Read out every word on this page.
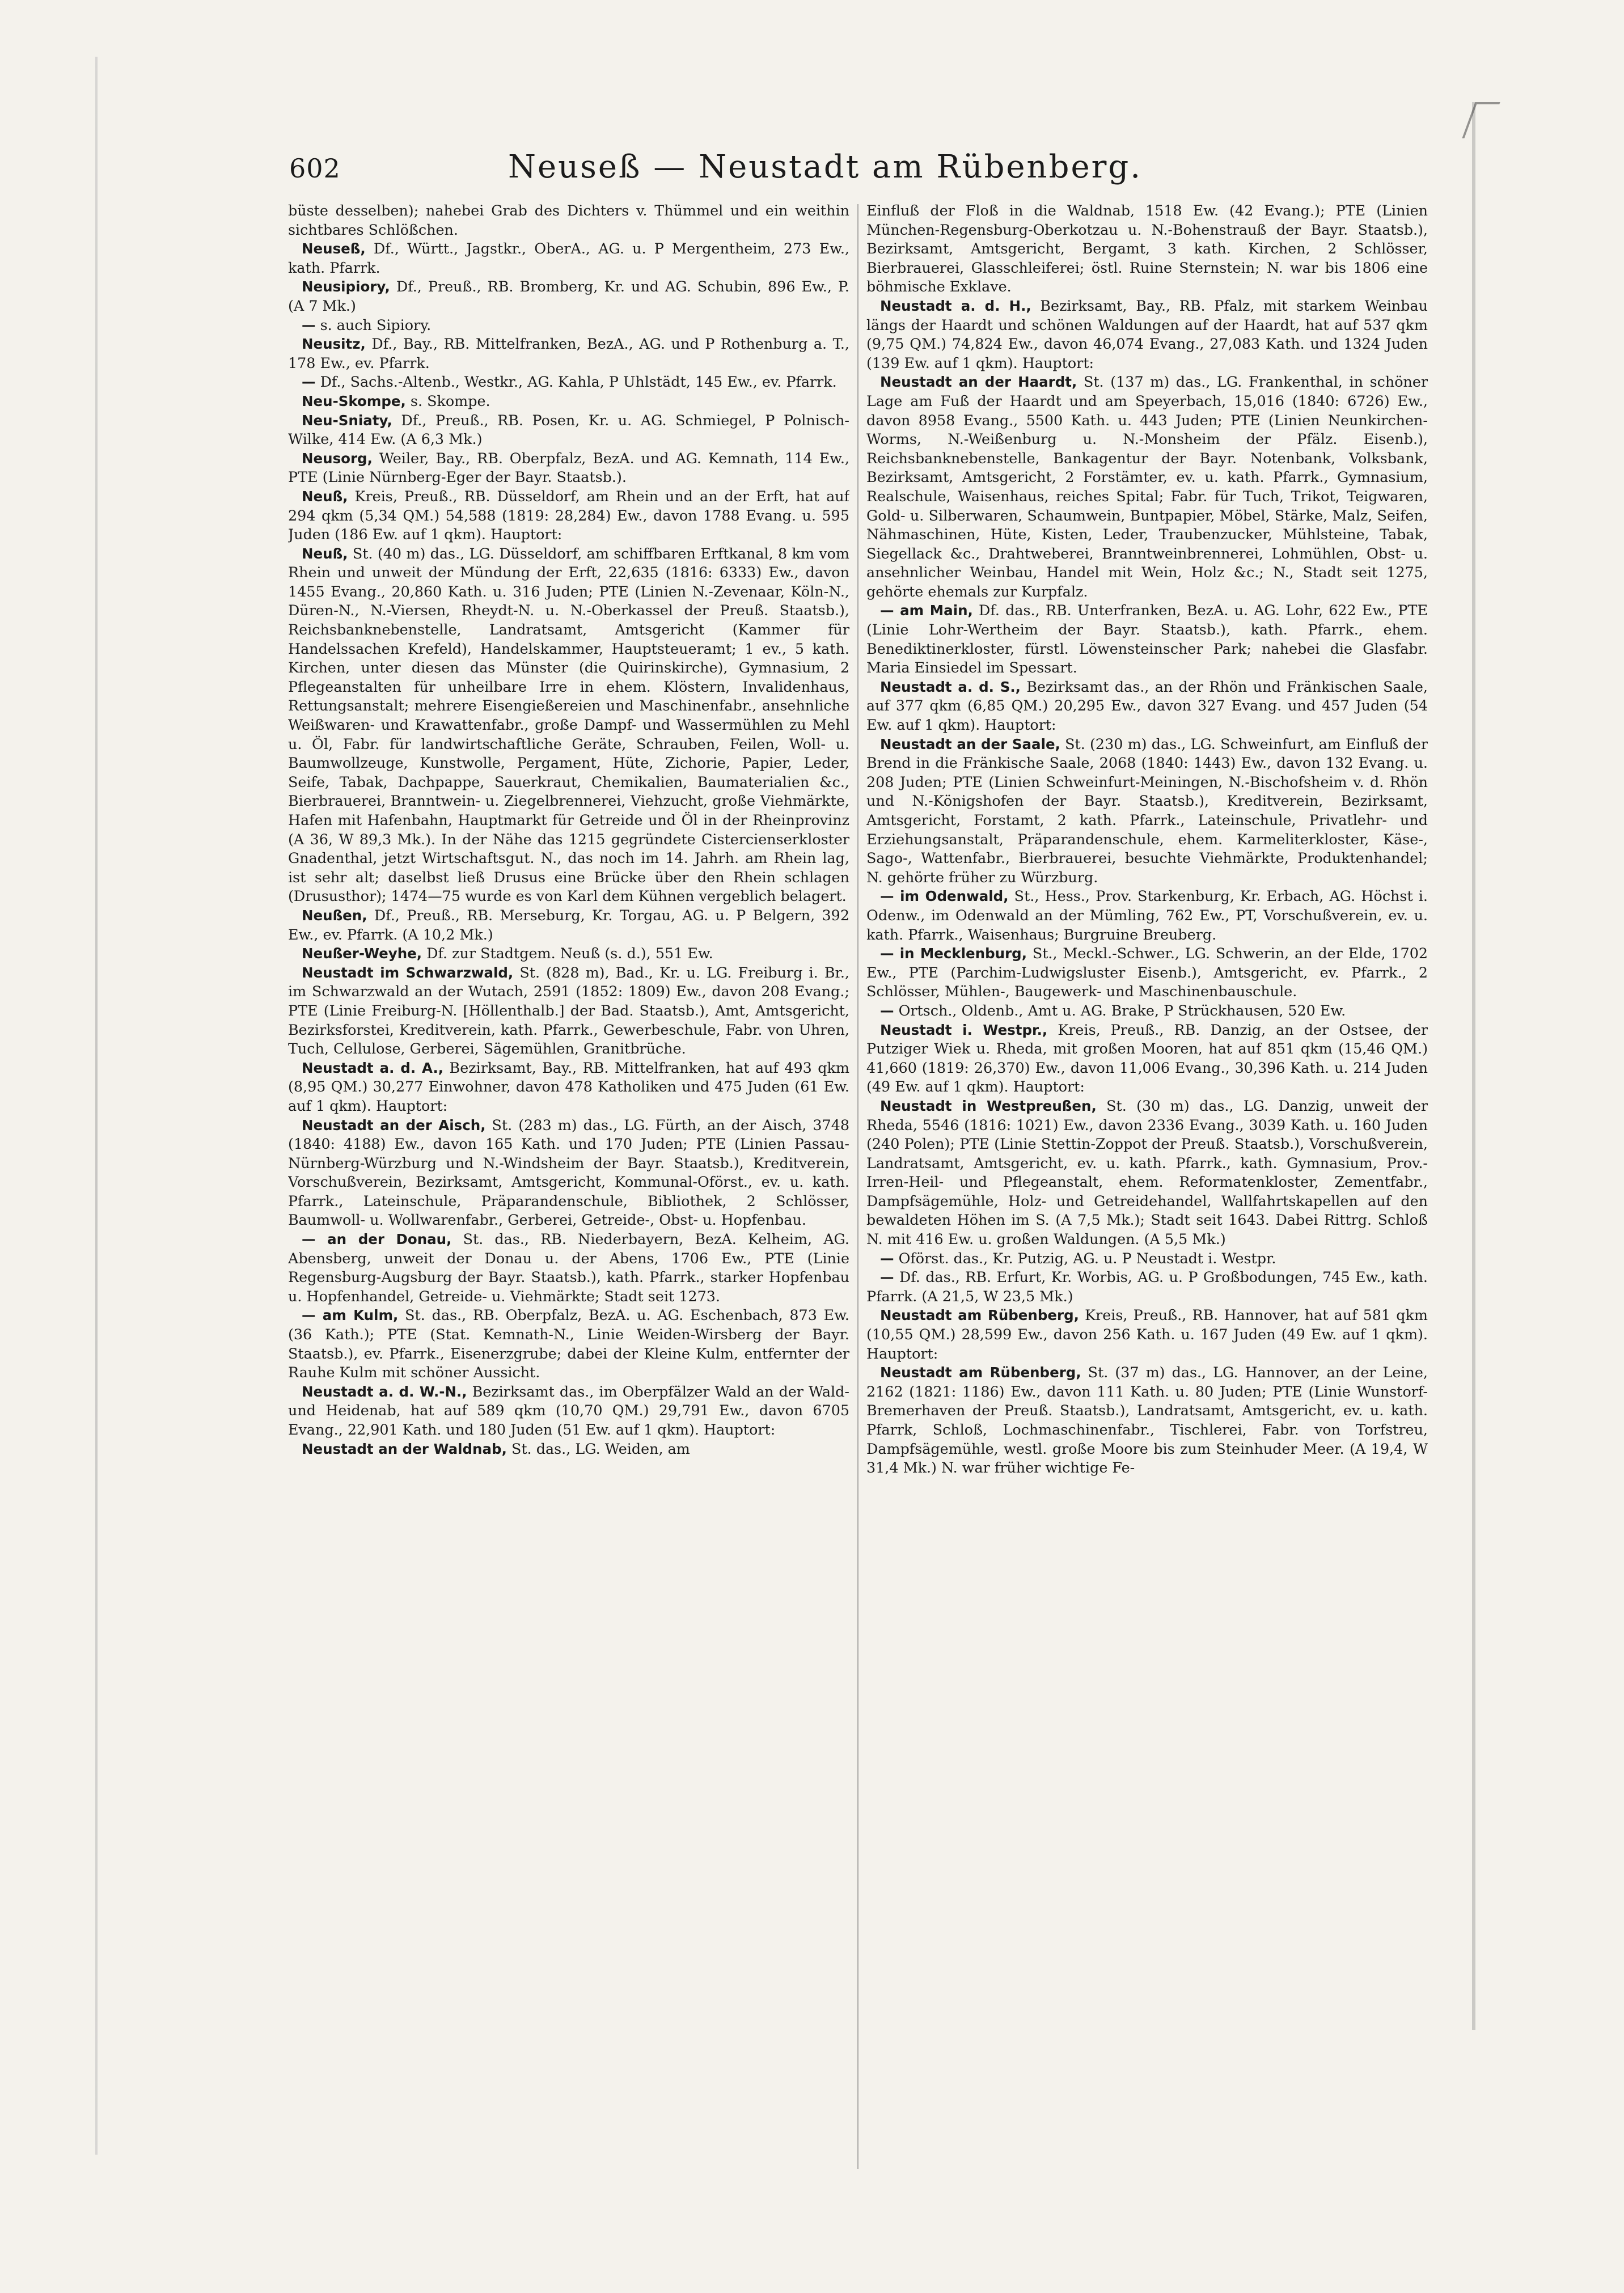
602	Neuseß — Neustadt am Rübenberg.

büste desselben); nahebei Grab des Dichters v. Thümmel und ein weithin sichtbares Schlößchen.

Neuseß, Df., Württ., Jagstkr., OberA., AG. u. P Mergentheim, 273 Ew., kath. Pfarrk.

Neusipiory, Df., Preuß., RB. Bromberg, Kr. und AG. Schubin, 896 Ew., P. (A 7 Mk.)

— s. auch Sipiory.

Neusitz, Df., Bay., RB. Mittelfranken, BezA., AG. und P Rothenburg a. T., 178 Ew., ev. Pfarrk.

— Df., Sachs.-Altenb., Westkr., AG. Kahla, P Uhlstädt, 145 Ew., ev. Pfarrk.

Neu-Skompe, s. Skompe.

Neu-Sniaty, Df., Preuß., RB. Posen, Kr. u. AG. Schmiegel, P Polnisch-Wilke, 414 Ew. (A 6,3 Mk.)

Neusorg, Weiler, Bay., RB. Oberpfalz, BezA. und AG. Kemnath, 114 Ew., PTE (Linie Nürnberg-Eger der Bayr. Staatsb.).

Neuß, Kreis, Preuß., RB. Düsseldorf, am Rhein und an der Erft, hat auf 294 qkm (5,34 QM.) 54,588 (1819: 28,284) Ew., davon 1788 Evang. u. 595 Juden (186 Ew. auf 1 qkm). Hauptort:

Neuß, St. (40 m) das., LG. Düsseldorf, am schiffbaren Erftkanal, 8 km vom Rhein und unweit der Mündung der Erft, 22,635 (1816: 6333) Ew., davon 1455 Evang., 20,860 Kath. u. 316 Juden; PTE (Linien N.-Zevenaar, Köln-N., Düren-N., N.-Viersen, Rheydt-N. u. N.-Oberkassel der Preuß. Staatsb.), Reichsbanknebenstelle, Landratsamt, Amtsgericht (Kammer für Handelssachen Krefeld), Handelskammer, Hauptsteueramt; 1 ev., 5 kath. Kirchen, unter diesen das Münster (die Quirinskirche), Gymnasium, 2 Pflegeanstalten für unheilbare Irre in ehem. Klöstern, Invalidenhaus, Rettungsanstalt; mehrere Eisengießereien und Maschinenfabr., ansehnliche Weißwaren- und Krawattenfabr., große Dampf- und Wassermühlen zu Mehl u. Öl, Fabr. für landwirtschaftliche Geräte, Schrauben, Feilen, Woll- u. Baumwollzeuge, Kunstwolle, Pergament, Hüte, Zichorie, Papier, Leder, Seife, Tabak, Dachpappe, Sauerkraut, Chemikalien, Baumaterialien &c., Bierbrauerei, Branntwein- u. Ziegelbrennerei, Viehzucht, große Viehmärkte, Hafen mit Hafenbahn, Hauptmarkt für Getreide und Öl in der Rheinprovinz (A 36, W 89,3 Mk.). In der Nähe das 1215 gegründete Cistercienserkloster Gnadenthal, jetzt Wirtschaftsgut. N., das noch im 14. Jahrh. am Rhein lag, ist sehr alt; daselbst ließ Drusus eine Brücke über den Rhein schlagen (Drususthor); 1474—75 wurde es von Karl dem Kühnen vergeblich belagert.

Neußen, Df., Preuß., RB. Merseburg, Kr. Torgau, AG. u. P Belgern, 392 Ew., ev. Pfarrk. (A 10,2 Mk.)

Neußer-Weyhe, Df. zur Stadtgem. Neuß (s. d.), 551 Ew.

Neustadt im Schwarzwald, St. (828 m), Bad., Kr. u. LG. Freiburg i. Br., im Schwarzwald an der Wutach, 2591 (1852: 1809) Ew., davon 208 Evang.; PTE (Linie Freiburg-N. [Höllenthalb.] der Bad. Staatsb.), Amt, Amtsgericht, Bezirksforstei, Kreditverein, kath. Pfarrk., Gewerbeschule, Fabr. von Uhren, Tuch, Cellulose, Gerberei, Sägemühlen, Granitbrüche.

Neustadt a. d. A., Bezirksamt, Bay., RB. Mittelfranken, hat auf 493 qkm (8,95 QM.) 30,277 Einwohner, davon 478 Katholiken und 475 Juden (61 Ew. auf 1 qkm). Hauptort:

Neustadt an der Aisch, St. (283 m) das., LG. Fürth, an der Aisch, 3748 (1840: 4188) Ew., davon 165 Kath. und 170 Juden; PTE (Linien Passau-Nürnberg-Würzburg und N.-Windsheim der Bayr. Staatsb.), Kreditverein, Vorschußverein, Bezirksamt, Amtsgericht, Kommunal-Oförst., ev. u. kath. Pfarrk., Lateinschule, Präparandenschule, Bibliothek, 2 Schlösser, Baumwoll- u. Wollwarenfabr., Gerberei, Getreide-, Obst- u. Hopfenbau.

— an der Donau, St. das., RB. Niederbayern, BezA. Kelheim, AG. Abensberg, unweit der Donau u. der Abens, 1706 Ew., PTE (Linie Regensburg-Augsburg der Bayr. Staatsb.), kath. Pfarrk., starker Hopfenbau u. Hopfenhandel, Getreide- u. Viehmärkte; Stadt seit 1273.

— am Kulm, St. das., RB. Oberpfalz, BezA. u. AG. Eschenbach, 873 Ew. (36 Kath.); PTE (Stat. Kemnath-N., Linie Weiden-Wirsberg der Bayr. Staatsb.), ev. Pfarrk., Eisenerzgrube; dabei der Kleine Kulm, entfernter der Rauhe Kulm mit schöner Aussicht.

Neustadt a. d. W.-N., Bezirksamt das., im Oberpfälzer Wald an der Wald- und Heidenab, hat auf 589 qkm (10,70 QM.) 29,791 Ew., davon 6705 Evang., 22,901 Kath. und 180 Juden (51 Ew. auf 1 qkm). Hauptort:

Neustadt an der Waldnab, St. das., LG. Weiden, am

Einfluß der Floß in die Waldnab, 1518 Ew. (42 Evang.); PTE (Linien München-Regensburg-Oberkotzau u. N.-Bohenstrauß der Bayr. Staatsb.), Bezirksamt, Amtsgericht, Bergamt, 3 kath. Kirchen, 2 Schlösser, Bierbrauerei, Glasschleiferei; östl. Ruine Sternstein; N. war bis 1806 eine böhmische Exklave.

Neustadt a. d. H., Bezirksamt, Bay., RB. Pfalz, mit starkem Weinbau längs der Haardt und schönen Waldungen auf der Haardt, hat auf 537 qkm (9,75 QM.) 74,824 Ew., davon 46,074 Evang., 27,083 Kath. und 1324 Juden (139 Ew. auf 1 qkm). Hauptort:

Neustadt an der Haardt, St. (137 m) das., LG. Frankenthal, in schöner Lage am Fuß der Haardt und am Speyerbach, 15,016 (1840: 6726) Ew., davon 8958 Evang., 5500 Kath. u. 443 Juden; PTE (Linien Neunkirchen-Worms, N.-Weißenburg u. N.-Monsheim der Pfälz. Eisenb.), Reichsbanknebenstelle, Bankagentur der Bayr. Notenbank, Volksbank, Bezirksamt, Amtsgericht, 2 Forstämter, ev. u. kath. Pfarrk., Gymnasium, Realschule, Waisenhaus, reiches Spital; Fabr. für Tuch, Trikot, Teigwaren, Gold- u. Silberwaren, Schaumwein, Buntpapier, Möbel, Stärke, Malz, Seifen, Nähmaschinen, Hüte, Kisten, Leder, Traubenzucker, Mühlsteine, Tabak, Siegellack &c., Drahtweberei, Branntweinbrennerei, Lohmühlen, Obst- u. ansehnlicher Weinbau, Handel mit Wein, Holz &c.; N., Stadt seit 1275, gehörte ehemals zur Kurpfalz.

— am Main, Df. das., RB. Unterfranken, BezA. u. AG. Lohr, 622 Ew., PTE (Linie Lohr-Wertheim der Bayr. Staatsb.), kath. Pfarrk., ehem. Benediktinerkloster, fürstl. Löwensteinscher Park; nahebei die Glasfabr. Maria Einsiedel im Spessart.

Neustadt a. d. S., Bezirksamt das., an der Rhön und Fränkischen Saale, auf 377 qkm (6,85 QM.) 20,295 Ew., davon 327 Evang. und 457 Juden (54 Ew. auf 1 qkm). Hauptort:

Neustadt an der Saale, St. (230 m) das., LG. Schweinfurt, am Einfluß der Brend in die Fränkische Saale, 2068 (1840: 1443) Ew., davon 132 Evang. u. 208 Juden; PTE (Linien Schweinfurt-Meiningen, N.-Bischofsheim v. d. Rhön und N.-Königshofen der Bayr. Staatsb.), Kreditverein, Bezirksamt, Amtsgericht, Forstamt, 2 kath. Pfarrk., Lateinschule, Privatlehr- und Erziehungsanstalt, Präparandenschule, ehem. Karmeliterkloster, Käse-, Sago-, Wattenfabr., Bierbrauerei, besuchte Viehmärkte, Produktenhandel; N. gehörte früher zu Würzburg.

— im Odenwald, St., Hess., Prov. Starkenburg, Kr. Erbach, AG. Höchst i. Odenw., im Odenwald an der Mümling, 762 Ew., PT, Vorschußverein, ev. u. kath. Pfarrk., Waisenhaus; Burgruine Breuberg.

— in Mecklenburg, St., Meckl.-Schwer., LG. Schwerin, an der Elde, 1702 Ew., PTE (Parchim-Ludwigsluster Eisenb.), Amtsgericht, ev. Pfarrk., 2 Schlösser, Mühlen-, Baugewerk- und Maschinenbauschule.

— Ortsch., Oldenb., Amt u. AG. Brake, P Strückhausen, 520 Ew.

Neustadt i. Westpr., Kreis, Preuß., RB. Danzig, an der Ostsee, der Putziger Wiek u. Rheda, mit großen Mooren, hat auf 851 qkm (15,46 QM.) 41,660 (1819: 26,370) Ew., davon 11,006 Evang., 30,396 Kath. u. 214 Juden (49 Ew. auf 1 qkm). Hauptort:

Neustadt in Westpreußen, St. (30 m) das., LG. Danzig, unweit der Rheda, 5546 (1816: 1021) Ew., davon 2336 Evang., 3039 Kath. u. 160 Juden (240 Polen); PTE (Linie Stettin-Zoppot der Preuß. Staatsb.), Vorschußverein, Landratsamt, Amtsgericht, ev. u. kath. Pfarrk., kath. Gymnasium, Prov.-Irren-Heil- und Pflegeanstalt, ehem. Reformatenkloster, Zementfabr., Dampfsägemühle, Holz- und Getreidehandel, Wallfahrtskapellen auf den bewaldeten Höhen im S. (A 7,5 Mk.); Stadt seit 1643. Dabei Rittrg. Schloß N. mit 416 Ew. u. großen Waldungen. (A 5,5 Mk.)

— Oförst. das., Kr. Putzig, AG. u. P Neustadt i. Westpr.

— Df. das., RB. Erfurt, Kr. Worbis, AG. u. P Großbodungen, 745 Ew., kath. Pfarrk. (A 21,5, W 23,5 Mk.)

Neustadt am Rübenberg, Kreis, Preuß., RB. Hannover, hat auf 581 qkm (10,55 QM.) 28,599 Ew., davon 256 Kath. u. 167 Juden (49 Ew. auf 1 qkm). Hauptort:

Neustadt am Rübenberg, St. (37 m) das., LG. Hannover, an der Leine, 2162 (1821: 1186) Ew., davon 111 Kath. u. 80 Juden; PTE (Linie Wunstorf-Bremerhaven der Preuß. Staatsb.), Landratsamt, Amtsgericht, ev. u. kath. Pfarrk, Schloß, Lochmaschinenfabr., Tischlerei, Fabr. von Torfstreu, Dampfsägemühle, westl. große Moore bis zum Steinhuder Meer. (A 19,4, W 31,4 Mk.) N. war früher wichtige Fe-
